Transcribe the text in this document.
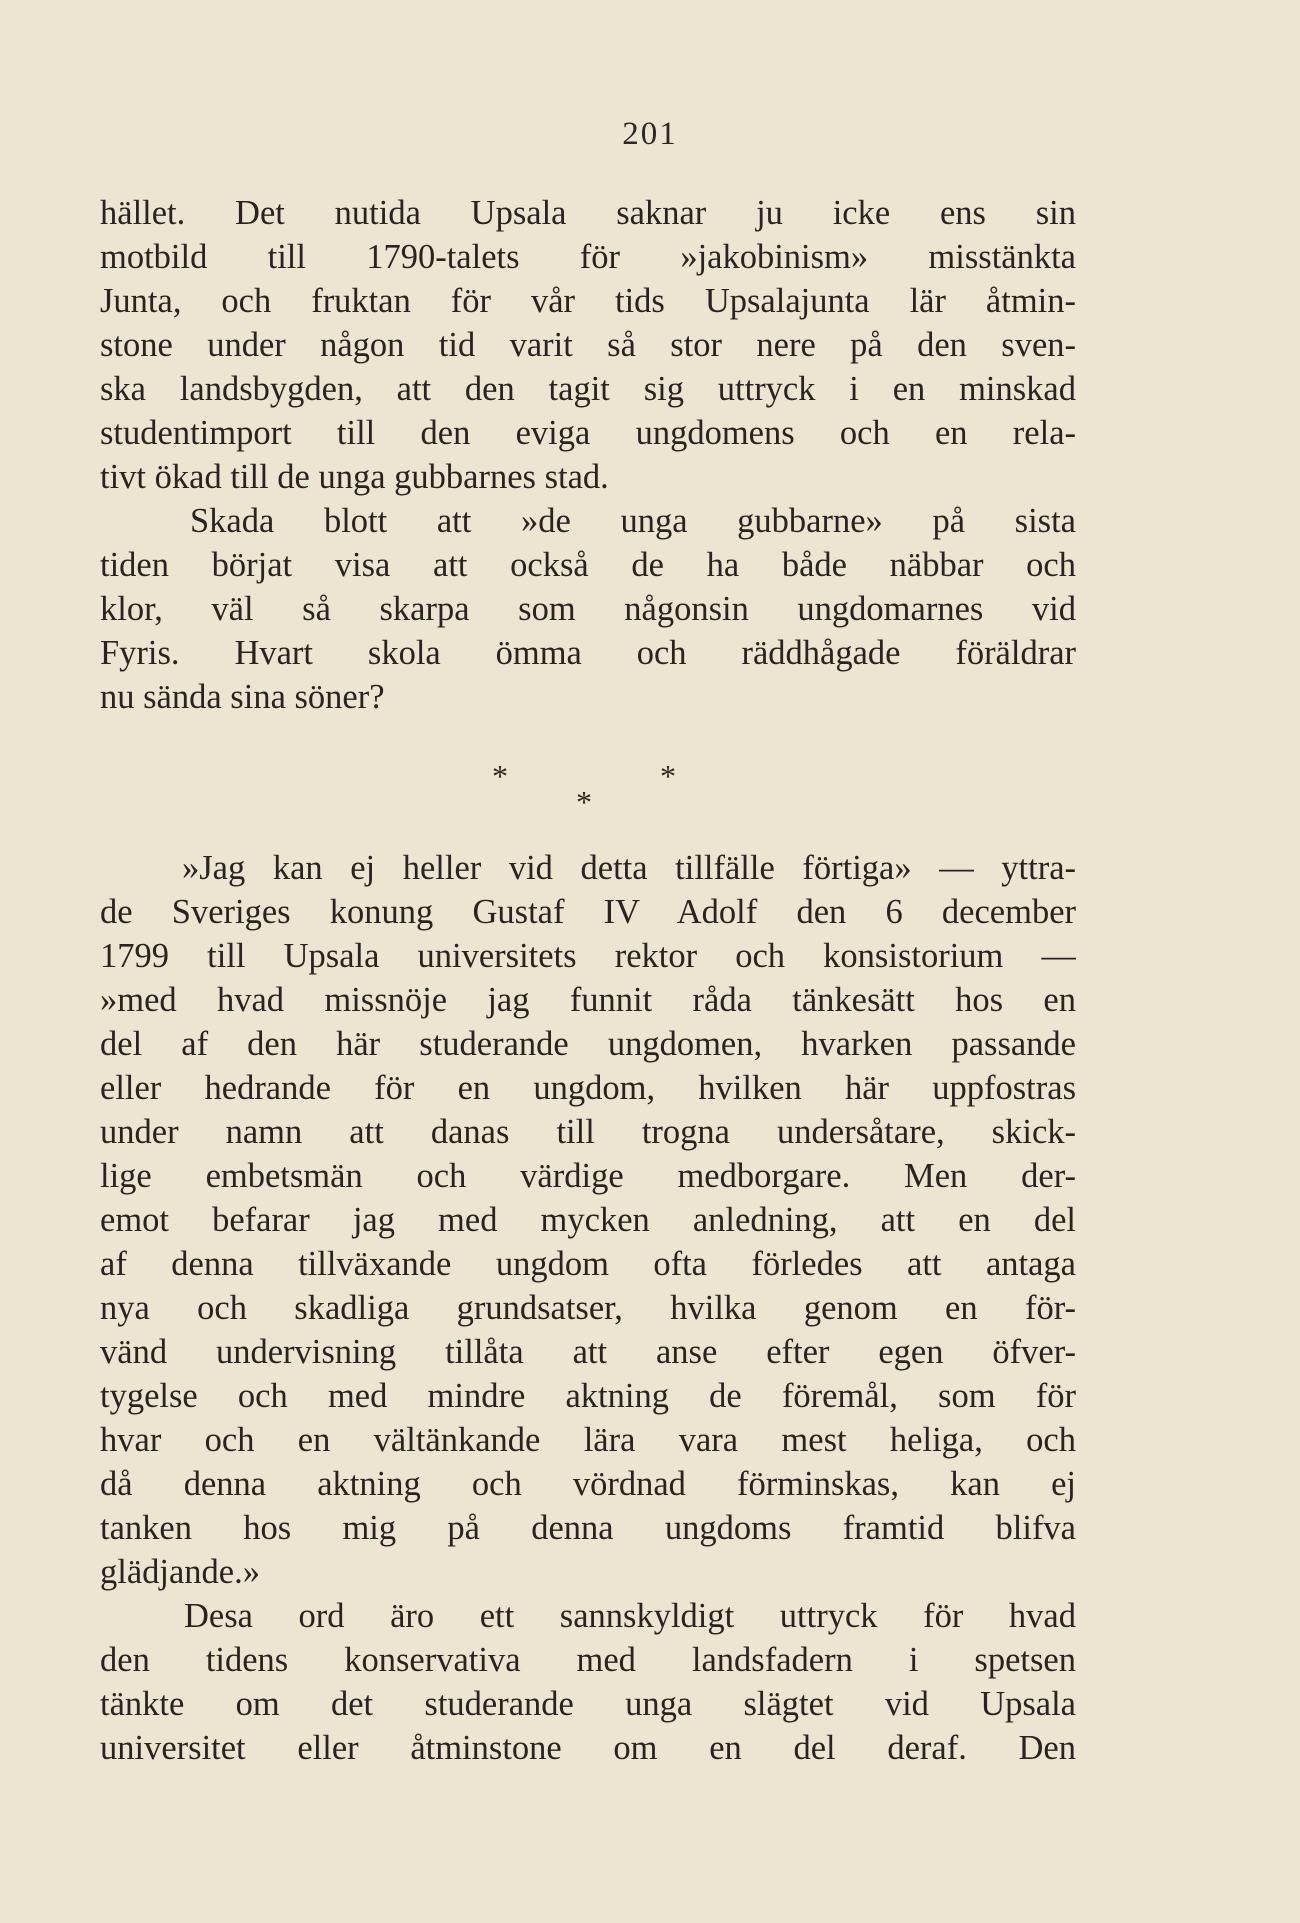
201
hället. Det nutida Upsala saknar ju icke ens sin
motbild till 1790-talets för »jakobinism» misstänkta
Junta, och fruktan för vår tids Upsalajunta lär åtmin-
stone under någon tid varit så stor nere på den sven-
ska landsbygden, att den tagit sig uttryck i en minskad
studentimport till den eviga ungdomens och en rela-
tivt ökad till de unga gubbarnes stad.
Skada blott att »de unga gubbarne» på sista
tiden börjat visa att också de ha både näbbar och
klor, väl så skarpa som någonsin ungdomarnes vid
Fyris. Hvart skola ömma och räddhågade föräldrar
nu sända sina söner?
*	*
*
»Jag kan ej heller vid detta tillfälle förtiga» — yttra-
de Sveriges konung Gustaf IV Adolf den 6 december
1799 till Upsala universitets rektor och konsistorium —
»med hvad missnöje jag funnit råda tänkesätt hos en
del af den här studerande ungdomen, hvarken passande
eller hedrande för en ungdom, hvilken här uppfostras
under namn att danas till trogna undersåtare, skick-
lige embetsmän och värdige medborgare. Men der-
emot befarar jag med mycken anledning, att en del
af denna tillväxande ungdom ofta förledes att antaga
nya och skadliga grundsatser, hvilka genom en för-
vänd undervisning tillåta att anse efter egen öfver-
tygelse och med mindre aktning de föremål, som för
hvar och en vältänkande lära vara mest heliga, och
då denna aktning och vördnad förminskas, kan ej
tanken hos mig på denna ungdoms framtid blifva
glädjande.»
Desa ord äro ett sannskyldigt uttryck för hvad
den tidens konservativa med landsfadern i spetsen
tänkte om det studerande unga slägtet vid Upsala
universitet eller åtminstone om en del deraf. Den
